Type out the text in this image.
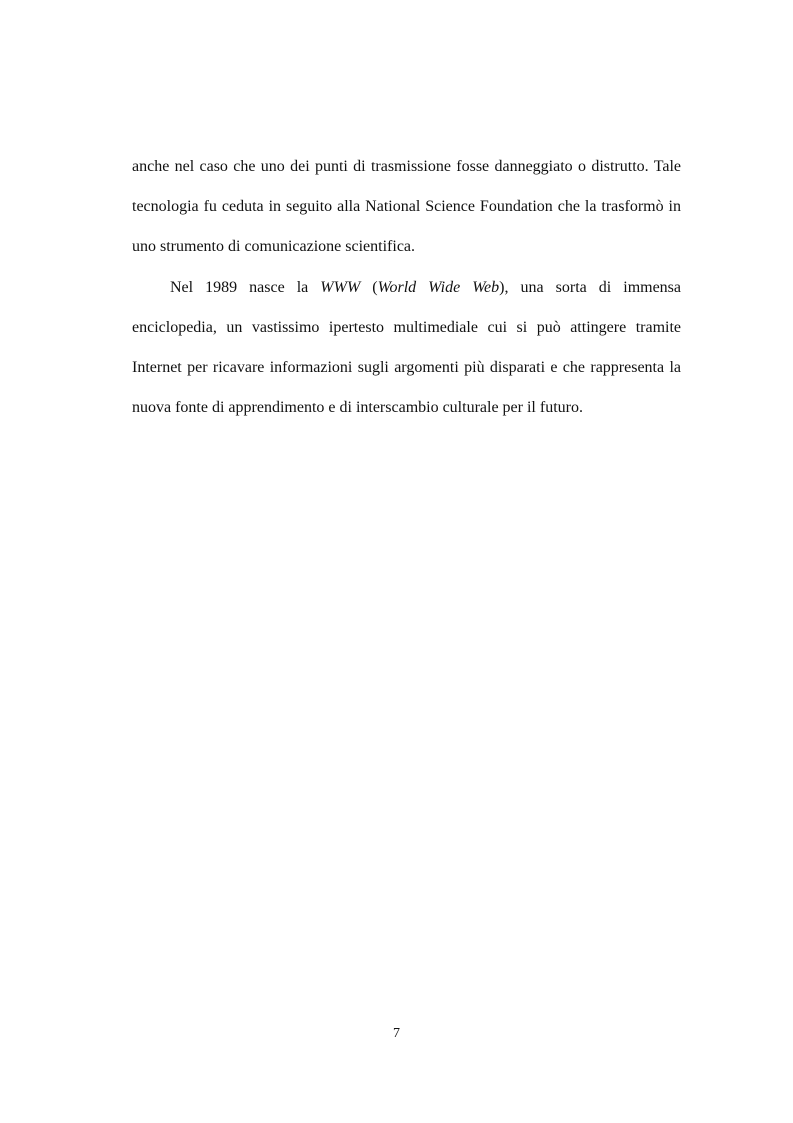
anche nel caso che uno dei punti di trasmissione fosse danneggiato o distrutto. Tale tecnologia fu ceduta in seguito alla National Science Foundation che la trasformò in uno strumento di comunicazione scientifica.

Nel 1989 nasce la WWW (World Wide Web), una sorta di immensa enciclopedia, un vastissimo ipertesto multimediale cui si può attingere tramite Internet per ricavare informazioni sugli argomenti più disparati e che rappresenta la nuova fonte di apprendimento e di interscambio culturale per il futuro.

7
